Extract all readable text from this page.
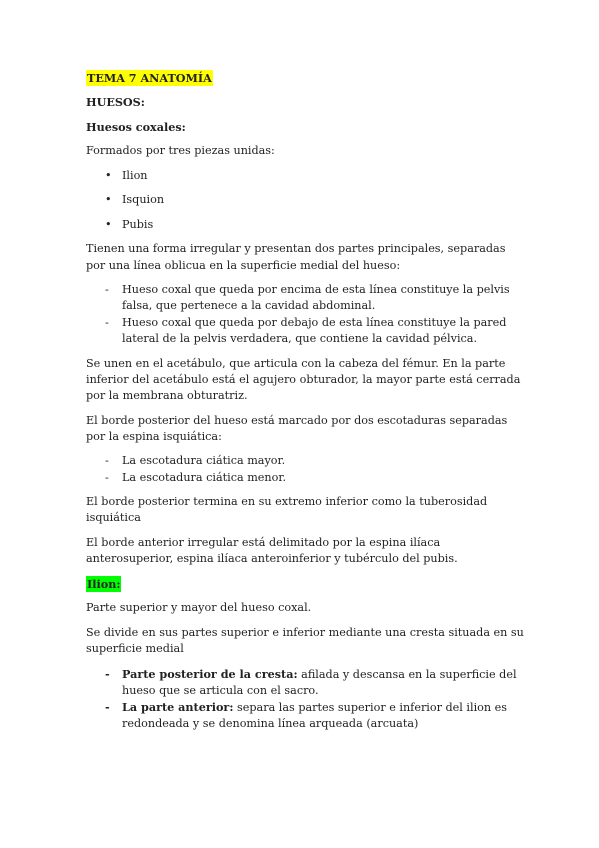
TEMA 7 ANATOMÍA

HUESOS:

Huesos coxales:

Formados por tres piezas unidas:

• Ilion
• Isquion
• Pubis

Tienen una forma irregular y presentan dos partes principales, separadas por una línea oblicua en la superficie medial del hueso:

- Hueso coxal que queda por encima de esta línea constituye la pelvis falsa, que pertenece a la cavidad abdominal.
- Hueso coxal que queda por debajo de esta línea constituye la pared lateral de la pelvis verdadera, que contiene la cavidad pélvica.

Se unen en el acetábulo, que articula con la cabeza del fémur. En la parte inferior del acetábulo está el agujero obturador, la mayor parte está cerrada por la membrana obturatriz.

El borde posterior del hueso está marcado por dos escotaduras separadas por la espina isquiática:

- La escotadura ciática mayor.
- La escotadura ciática menor.

El borde posterior termina en su extremo inferior como la tuberosidad isquiática

El borde anterior irregular está delimitado por la espina ilíaca anterosuperior, espina ilíaca anteroinferior y tubérculo del pubis.

Ilion:

Parte superior y mayor del hueso coxal.

Se divide en sus partes superior e inferior mediante una cresta situada en su superficie medial

- Parte posterior de la cresta: afilada y descansa en la superficie del hueso que se articula con el sacro.
- La parte anterior: separa las partes superior e inferior del ilion es redondeada y se denomina línea arqueada (arcuata)
